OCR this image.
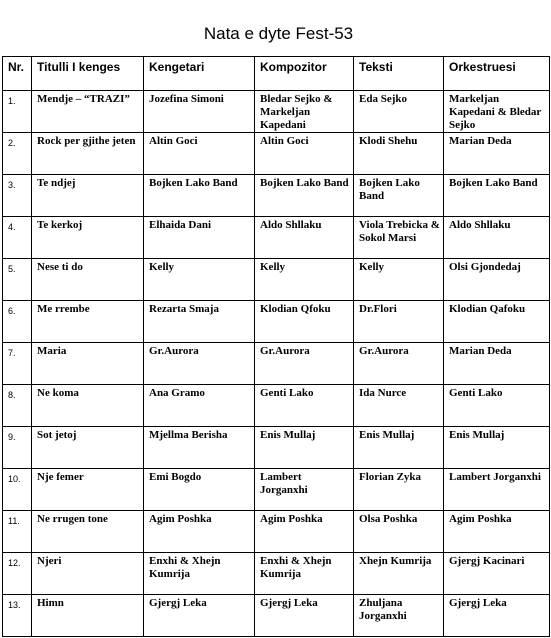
Nata e dyte Fest-53
Nr.	Titulli I kenges	Kengetari	Kompozitor	Teksti	Orkestruesi
1.	Mendje – “TRAZI”	Jozefina Simoni	Bledar Sejko & Markeljan Kapedani	Eda Sejko	Markeljan Kapedani & Bledar Sejko
2.	Rock per gjithe jeten	Altin Goci	Altin Goci	Klodi Shehu	Marian Deda
3.	Te ndjej	Bojken Lako Band	Bojken Lako Band	Bojken Lako Band	Bojken Lako Band
4.	Te kerkoj	Elhaida Dani	Aldo Shllaku	Viola Trebicka & Sokol Marsi	Aldo Shllaku
5.	Nese ti do	Kelly	Kelly	Kelly	Olsi Gjondedaj
6.	Me rrembe	Rezarta Smaja	Klodian Qfoku	Dr.Flori	Klodian Qafoku
7.	Maria	Gr.Aurora	Gr.Aurora	Gr.Aurora	Marian Deda
8.	Ne koma	Ana Gramo	Genti Lako	Ida Nurce	Genti Lako
9.	Sot jetoj	Mjellma Berisha	Enis Mullaj	Enis Mullaj	Enis Mullaj
10.	Nje femer	Emi Bogdo	Lambert Jorganxhi	Florian Zyka	Lambert Jorganxhi
11.	Ne rrugen tone	Agim Poshka	Agim Poshka	Olsa Poshka	Agim Poshka
12.	Njeri	Enxhi & Xhejn Kumrija	Enxhi & Xhejn Kumrija	Xhejn Kumrija	Gjergj Kacinari
13.	Himn	Gjergj Leka	Gjergj Leka	Zhuljana Jorganxhi	Gjergj Leka
